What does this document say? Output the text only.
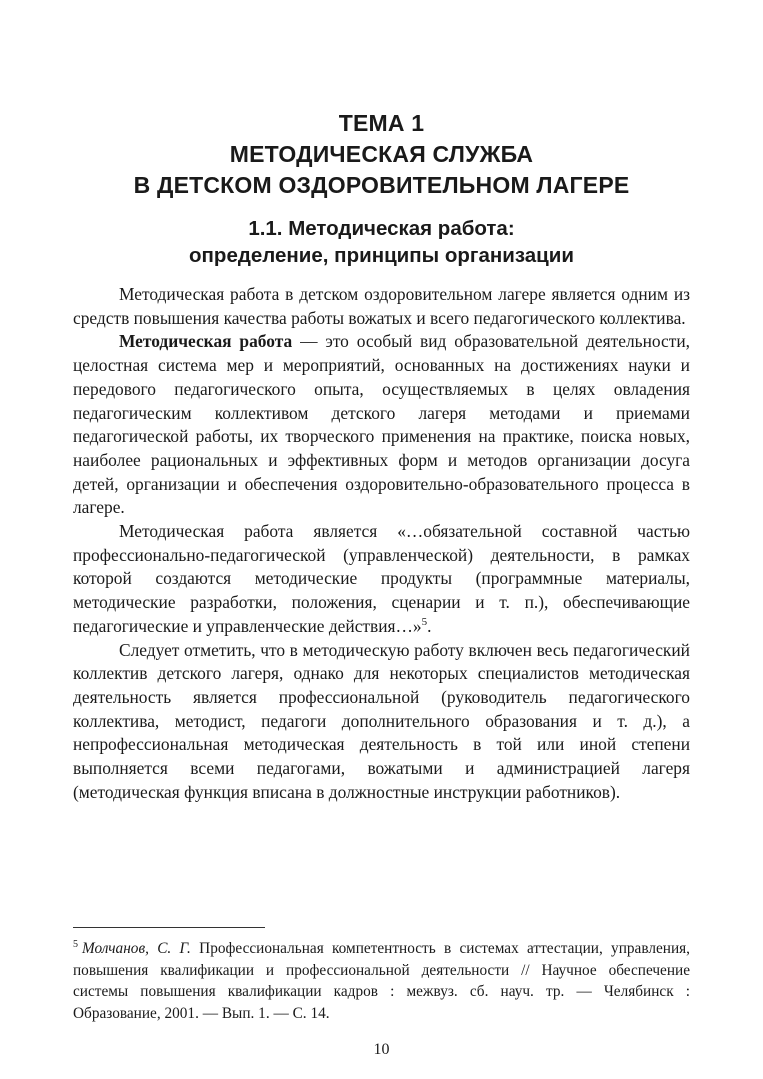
ТЕМА 1
МЕТОДИЧЕСКАЯ СЛУЖБА
В ДЕТСКОМ ОЗДОРОВИТЕЛЬНОМ ЛАГЕРЕ
1.1. Методическая работа:
определение, принципы организации

Методическая работа в детском оздоровительном лагере является одним из средств повышения качества работы вожатых и всего педагогического коллектива.

Методическая работа — это особый вид образовательной деятельности, целостная система мер и мероприятий, основанных на достижениях науки и передового педагогического опыта, осуществляемых в целях овладения педагогическим коллективом детского лагеря методами и приемами педагогической работы, их творческого применения на практике, поиска новых, наиболее рациональных и эффективных форм и методов организации досуга детей, организации и обеспечения оздоровительно-образовательного процесса в лагере.

Методическая работа является «…обязательной составной частью профессионально-педагогической (управленческой) деятельности, в рамках которой создаются методические продукты (программные материалы, методические разработки, положения, сценарии и т. п.), обеспечивающие педагогические и управленческие действия…»$^5$.

Следует отметить, что в методическую работу включен весь педагогический коллектив детского лагеря, однако для некоторых специалистов методическая деятельность является профессиональной (руководитель педагогического коллектива, методист, педагоги дополнительного образования и т. д.), а непрофессиональная методическая деятельность в той или иной степени выполняется всеми педагогами, вожатыми и администрацией лагеря (методическая функция вписана в должностные инструкции работников).

$^5$ Молчанов, С. Г. Профессиональная компетентность в системах аттестации, управления, повышения квалификации и профессиональной деятельности // Научное обеспечение системы повышения квалификации кадров : межвуз. сб. науч. тр. — Челябинск : Образование, 2001. — Вып. 1. — С. 14.

10
